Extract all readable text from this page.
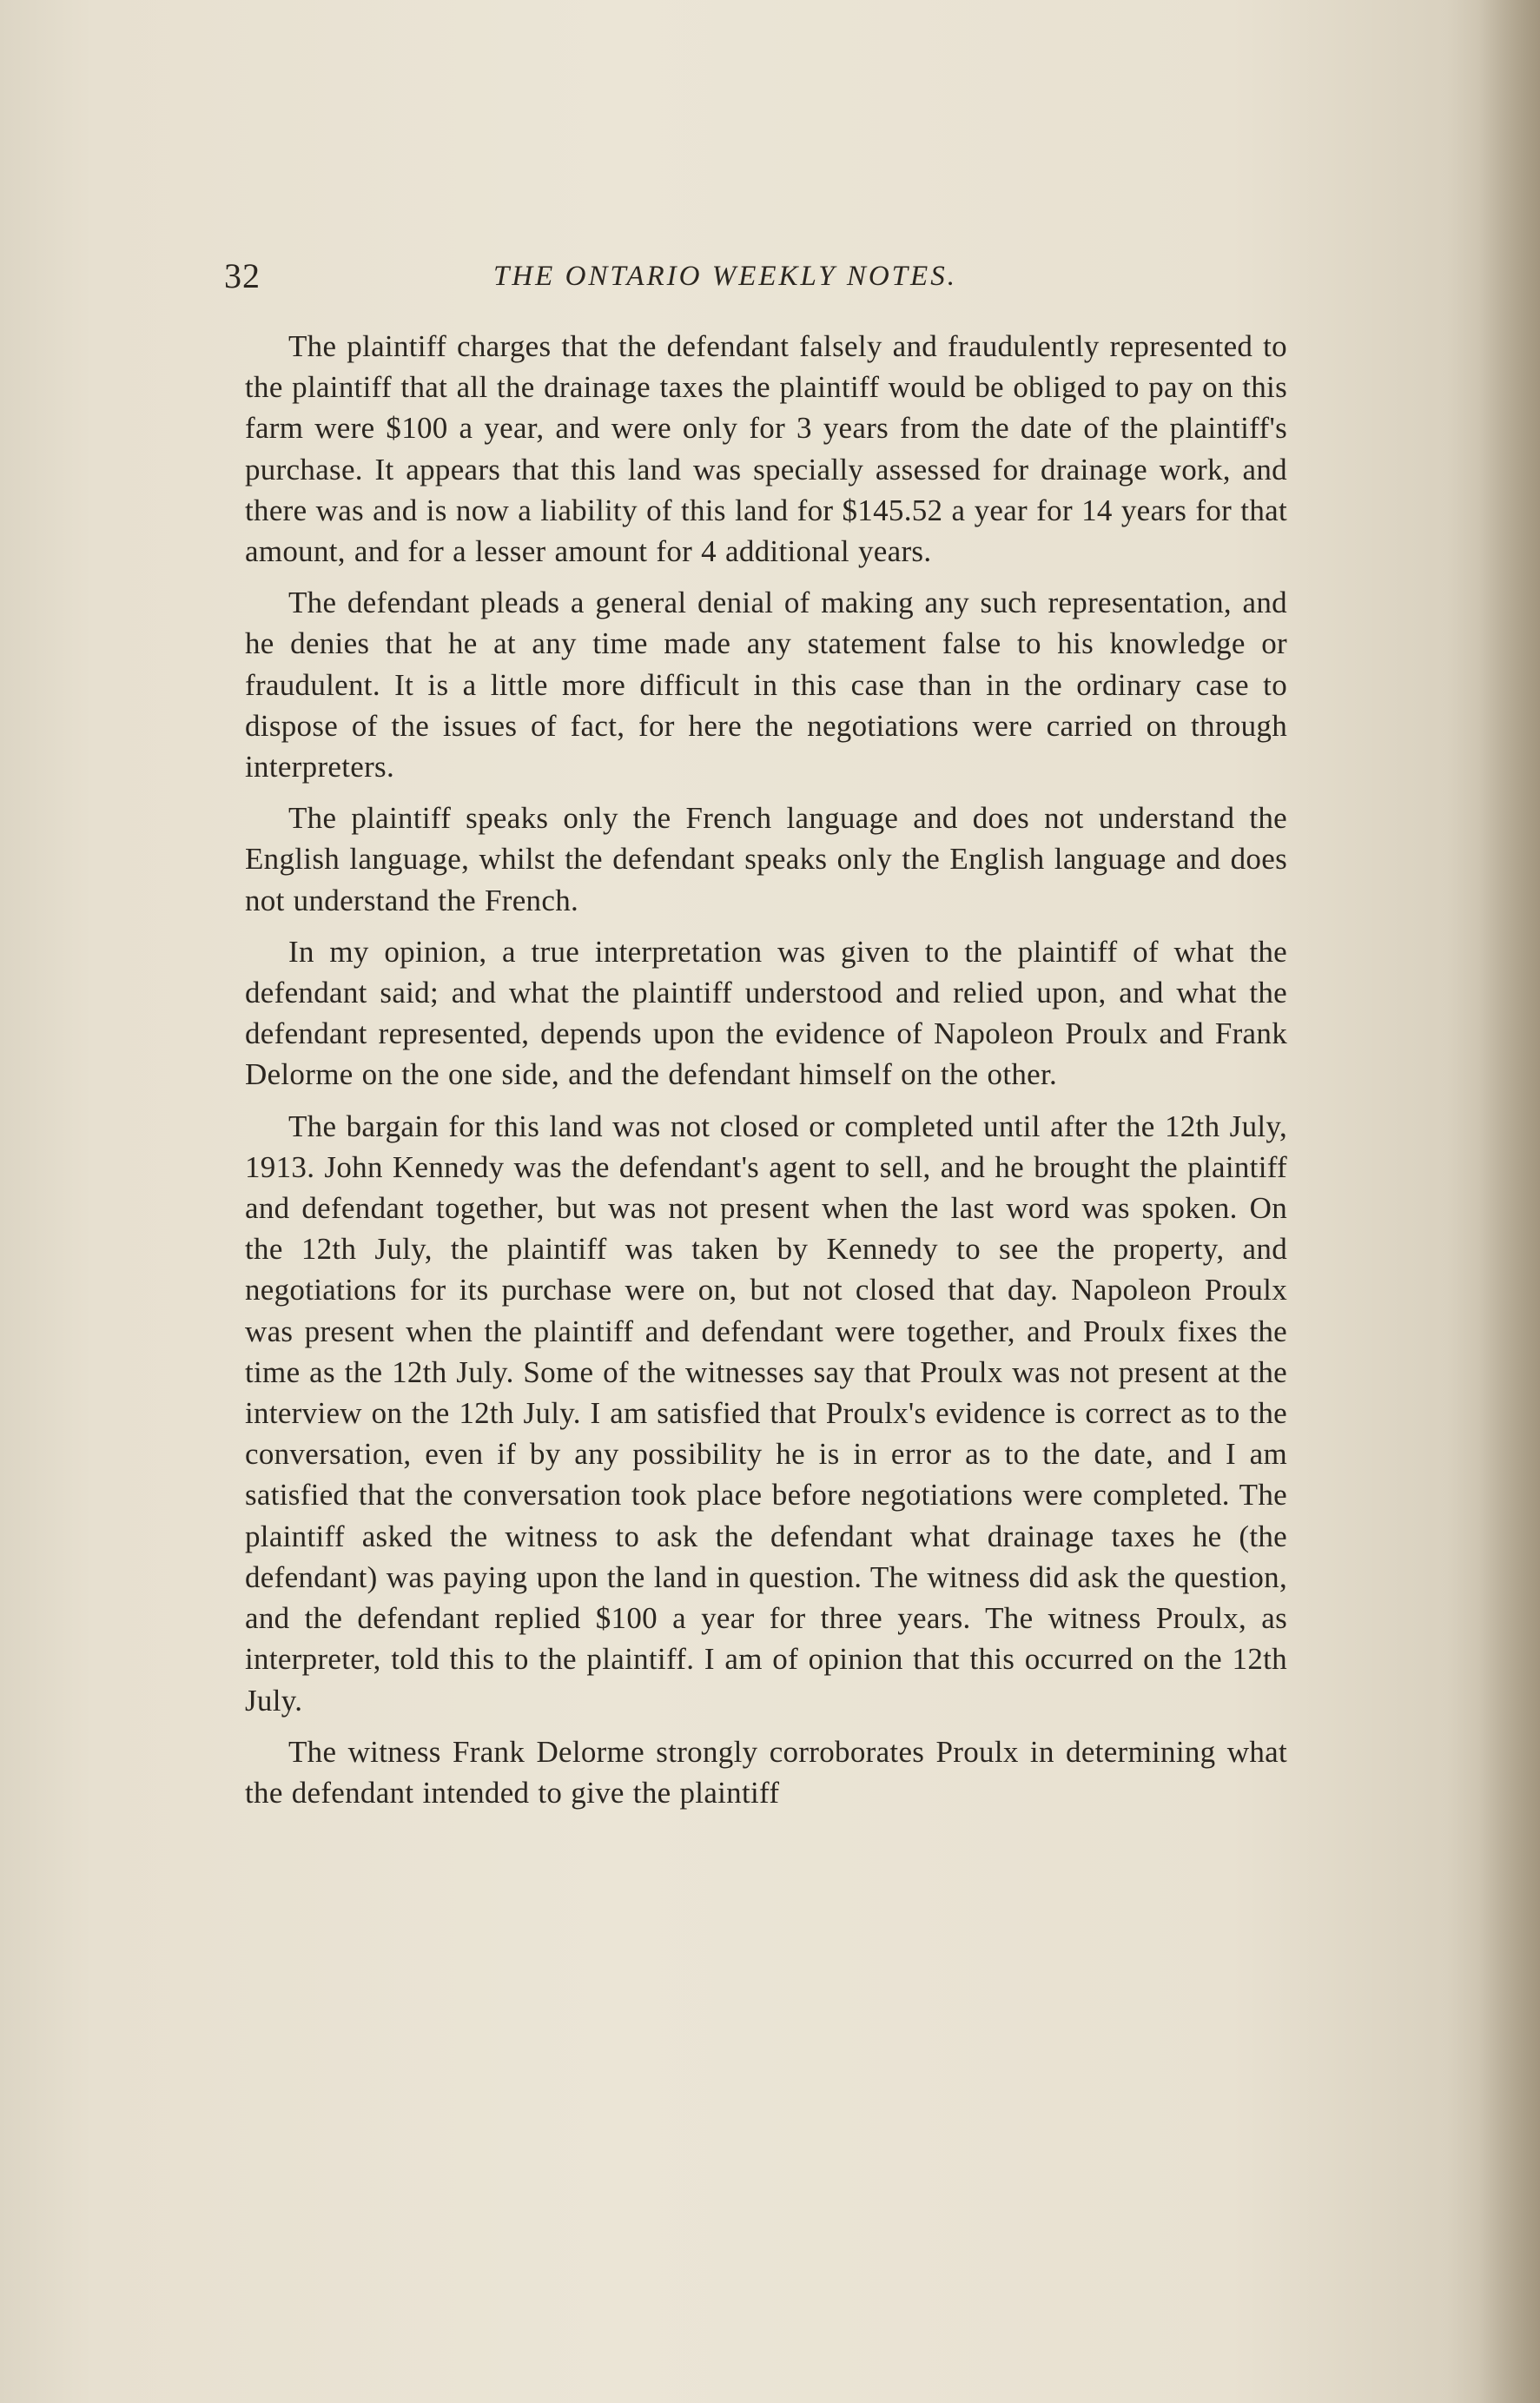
32	THE ONTARIO WEEKLY NOTES.

The plaintiff charges that the defendant falsely and fraudulently represented to the plaintiff that all the drainage taxes the plaintiff would be obliged to pay on this farm were $100 a year, and were only for 3 years from the date of the plaintiff's purchase. It appears that this land was specially assessed for drainage work, and there was and is now a liability of this land for $145.52 a year for 14 years for that amount, and for a lesser amount for 4 additional years.

The defendant pleads a general denial of making any such representation, and he denies that he at any time made any statement false to his knowledge or fraudulent. It is a little more difficult in this case than in the ordinary case to dispose of the issues of fact, for here the negotiations were carried on through interpreters.

The plaintiff speaks only the French language and does not understand the English language, whilst the defendant speaks only the English language and does not understand the French.

In my opinion, a true interpretation was given to the plaintiff of what the defendant said; and what the plaintiff understood and relied upon, and what the defendant represented, depends upon the evidence of Napoleon Proulx and Frank Delorme on the one side, and the defendant himself on the other.

The bargain for this land was not closed or completed until after the 12th July, 1913. John Kennedy was the defendant's agent to sell, and he brought the plaintiff and defendant together, but was not present when the last word was spoken. On the 12th July, the plaintiff was taken by Kennedy to see the property, and negotiations for its purchase were on, but not closed that day. Napoleon Proulx was present when the plaintiff and defendant were together, and Proulx fixes the time as the 12th July. Some of the witnesses say that Proulx was not present at the interview on the 12th July. I am satisfied that Proulx's evidence is correct as to the conversation, even if by any possibility he is in error as to the date, and I am satisfied that the conversation took place before negotiations were completed. The plaintiff asked the witness to ask the defendant what drainage taxes he (the defendant) was paying upon the land in question. The witness did ask the question, and the defendant replied $100 a year for three years. The witness Proulx, as interpreter, told this to the plaintiff. I am of opinion that this occurred on the 12th July.

The witness Frank Delorme strongly corroborates Proulx in determining what the defendant intended to give the plaintiff
